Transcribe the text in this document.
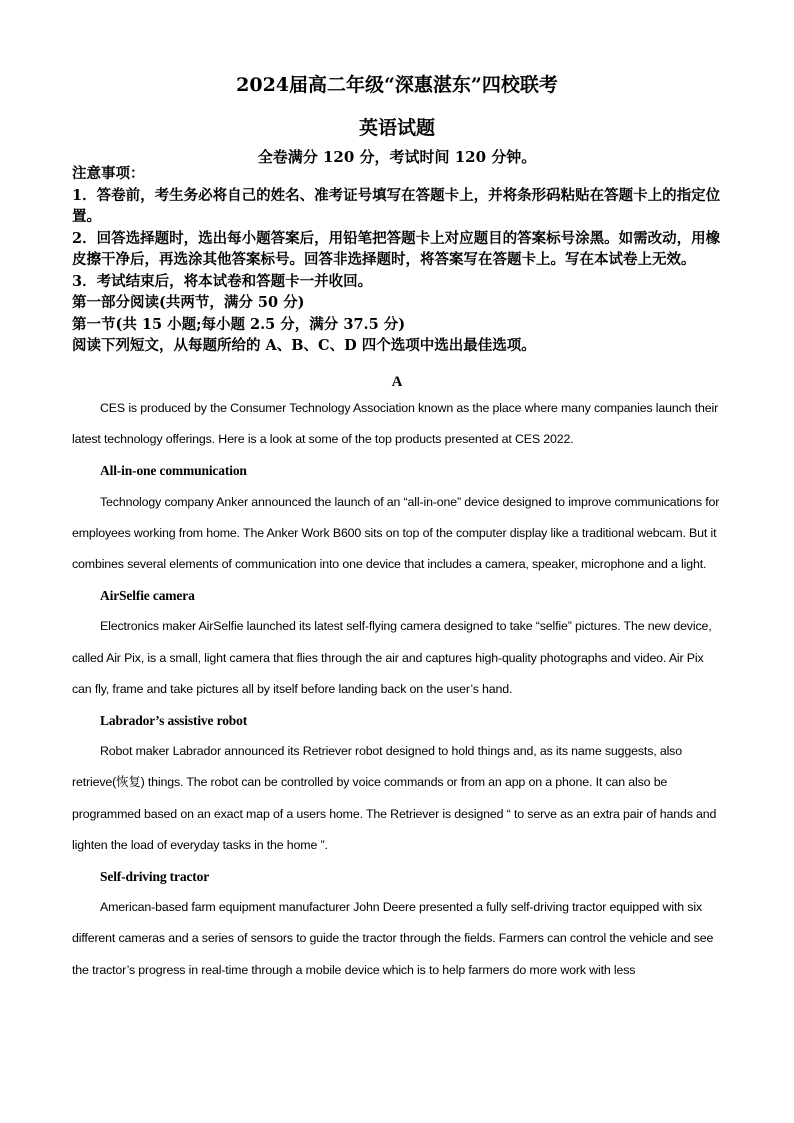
2024届高二年级“深惠湛东”四校联考
英语试题
全卷满分 120 分，考试时间 120 分钟。

注意事项：

1．答卷前，考生务必将自己的姓名、准考证号填写在答题卡上，并将条形码粘贴在答题卡上的指定位置。

2．回答选择题时，选出每小题答案后，用铅笔把答题卡上对应题目的答案标号涂黑。如需改动，用橡皮擦干净后，再选涂其他答案标号。回答非选择题时，将答案写在答题卡上。写在本试卷上无效。

3．考试结束后，将本试卷和答题卡一并收回。

第一部分阅读(共两节，满分 50 分)

第一节(共 15 小题;每小题 2.5 分，满分 37.5 分)

阅读下列短文，从每题所给的 A、B、C、D 四个选项中选出最佳选项。

A

CES is produced by the Consumer Technology Association known as the place where many companies launch their latest technology offerings. Here is a look at some of the top products presented at CES 2022.

All-in-one communication

Technology company Anker announced the launch of an “all-in-one” device designed to improve communications for employees working from home. The Anker Work B600 sits on top of the computer display like a traditional webcam. But it combines several elements of communication into one device that includes a camera, speaker, microphone and a light.

AirSelfie camera

Electronics maker AirSelfie launched its latest self-flying camera designed to take “selfie” pictures. The new device, called Air Pix, is a small, light camera that flies through the air and captures high-quality photographs and video. Air Pix can fly, frame and take pictures all by itself before landing back on the user’s hand.

Labrador’s assistive robot

Robot maker Labrador announced its Retriever robot designed to hold things and, as its name suggests, also retrieve(恢复) things. The robot can be controlled by voice commands or from an app on a phone. It can also be programmed based on an exact map of a users home. The Retriever is designed “ to serve as an extra pair of hands and lighten the load of everyday tasks in the home ”.

Self-driving tractor

American-based farm equipment manufacturer John Deere presented a fully self-driving tractor equipped with six different cameras and a series of sensors to guide the tractor through the fields. Farmers can control the vehicle and see the tractor’s progress in real-time through a mobile device which is to help farmers do more work with less
